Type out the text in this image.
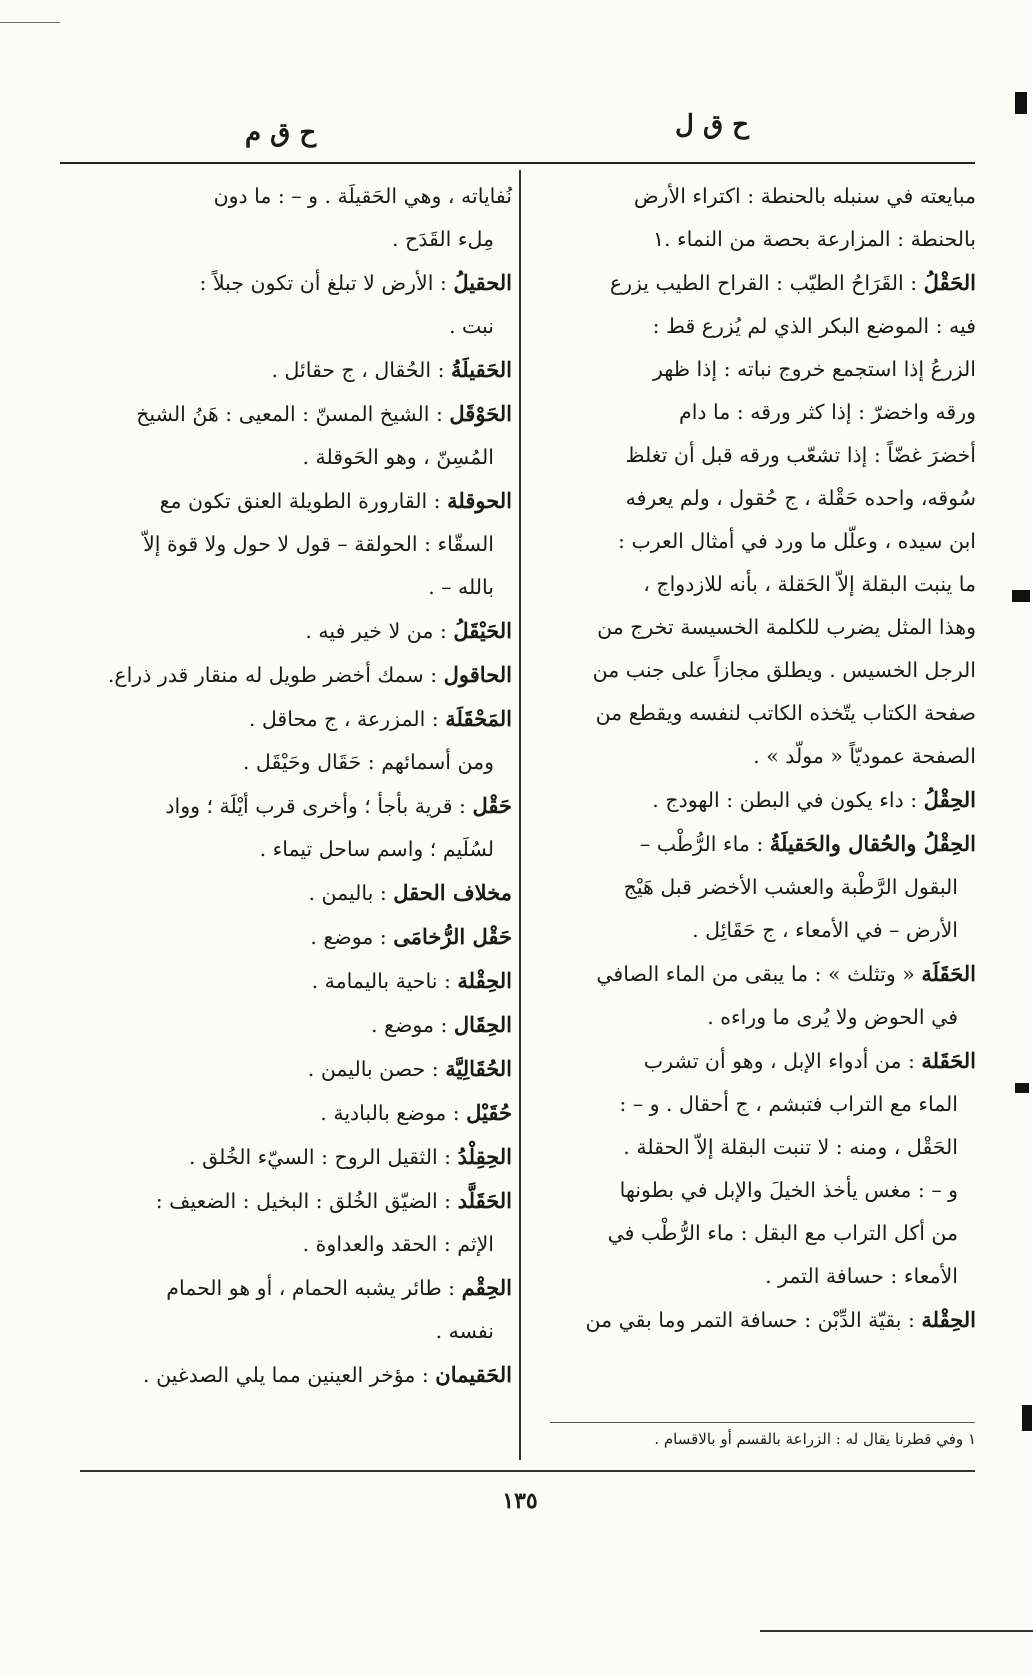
ح ق ل
ح ق م

مبايعته في سنبله بالحنطة : اكتراء الأرض

بالحنطة : المزارعة بحصة من النماء .١

الحَقْلُ : القَرَاحُ الطيّب : القراح الطيب يزرع

فيه : الموضع البكر الذي لم يُزرع قط :

الزرعُ إذا استجمع خروج نباته : إذا ظهر

ورقه واخضرّ : إذا كثر ورقه : ما دام

أخضرَ غضّاً : إذا تشعّب ورقه قبل أن تغلظ

سُوقه، واحده حَقْلة ، ج حُقول ، ولم يعرفه

ابن سيده ، وعلّل ما ورد في أمثال العرب :

ما ينبت البقلة إلاّ الحَقلة ، بأنه للازدواج ،

وهذا المثل يضرب للكلمة الخسيسة تخرج من

الرجل الخسيس . ويطلق مجازاً على جنب من

صفحة الكتاب يتّخذه الكاتب لنفسه ويقطع من

الصفحة عموديّاً « مولّد » .

الحِقْلُ : داء يكون في البطن : الهودج .

الحِقْلُ والحُقال والحَقيلَةُ : ماء الرُّطْب –

البقول الرَّطْبة والعشب الأخضر قبل هَيْج

الأرض – في الأمعاء ، ج حَقَائِل .

الحَقَلَة « وتثلث » : ما يبقى من الماء الصافي

في الحوض ولا يُرى ما وراءه .

الحَقَلة : من أدواء الإبل ، وهو أن تشرب

الماء مع التراب فتبشم ، ج أحقال . و – :

الحَقْل ، ومنه : لا تنبت البقلة إلاّ الحقلة .

و – : مغس يأخذ الخيلَ والإبل في بطونها

من أكل التراب مع البقل : ماء الرُّطْب في

الأمعاء : حسافة التمر .

الحِقْلة : بقيّة الدِّبْن : حسافة التمر وما بقي من

نُفاياته ، وهي الحَقيلَة . و – : ما دون

مِلء القَدَح .

الحقيلُ : الأرض لا تبلغ أن تكون جبلاً :

نبت .

الحَقيلَةُ : الحُقال ، ج حقائل .

الحَوْقَل : الشيخ المسنّ : المعيى : هَنُ الشيخ

المُسِنّ ، وهو الحَوقلة .

الحوقلة : القارورة الطويلة العنق تكون مع

السقّاء : الحولقة – قول لا حول ولا قوة إلاّ

بالله – .

الحَيْقَلُ : من لا خير فيه .

الحاقول : سمك أخضر طويل له منقار قدر ذراع.

المَحْقَلَة : المزرعة ، ج محاقل .

ومن أسمائهم : حَقَال وحَيْقَل .

حَقْل : قرية بأجأ ؛ وأخرى قرب أيْلَة ؛ وواد

لسُلَيم ؛ واسم ساحل تيماء .

مخلاف الحقل : باليمن .

حَقْل الرُّخامَى : موضع .

الحِقْلة : ناحية باليمامة .

الحِقَال : موضع .

الحُقَالِيَّة : حصن باليمن .

حُقَيْل : موضع بالبادية .

الحِقِلْدُ : الثقيل الروح : السيّء الخُلق .

الحَقَلَّد : الضيّق الخُلق : البخيل : الضعيف :

الإثم : الحقد والعداوة .

الحِقْم : طائر يشبه الحمام ، أو هو الحمام

نفسه .

الحَقيمان : مؤخر العينين مما يلي الصدغين .

١ وفي قطرنا يقال له : الزراعة بالقسم أو بالاقسام .
١٣٥
